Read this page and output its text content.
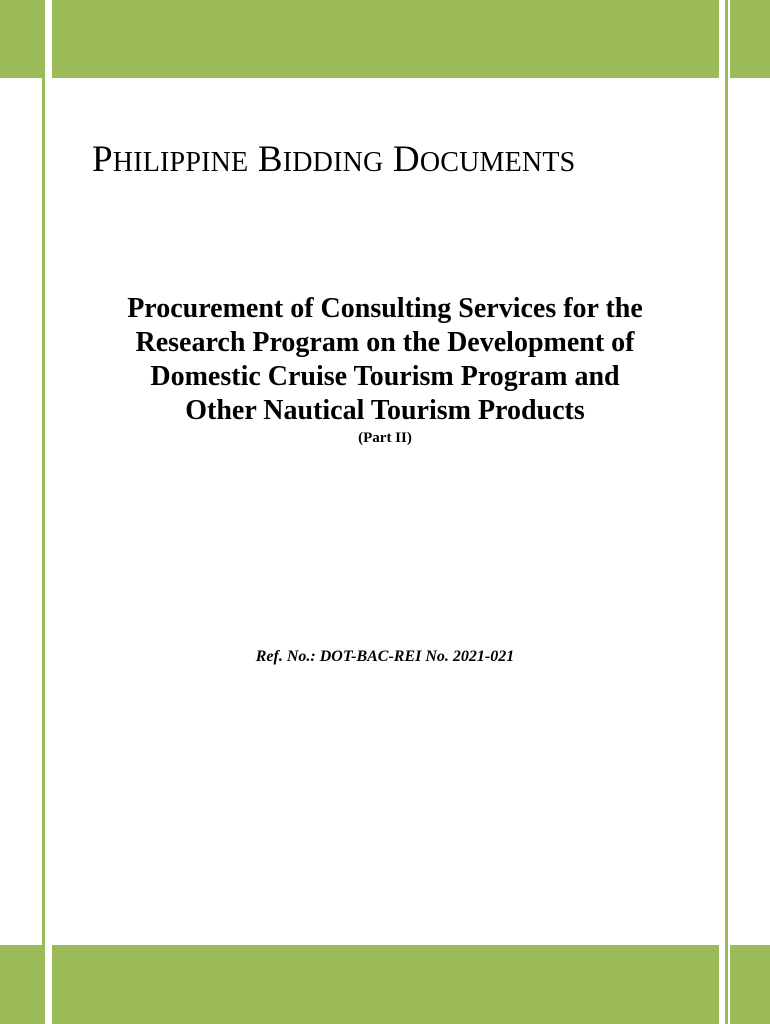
PHILIPPINE BIDDING DOCUMENTS
Procurement of Consulting Services for the
Research Program on the Development of
Domestic Cruise Tourism Program and
Other Nautical Tourism Products
(Part II)
Ref. No.: DOT-BAC-REI No. 2021-021
